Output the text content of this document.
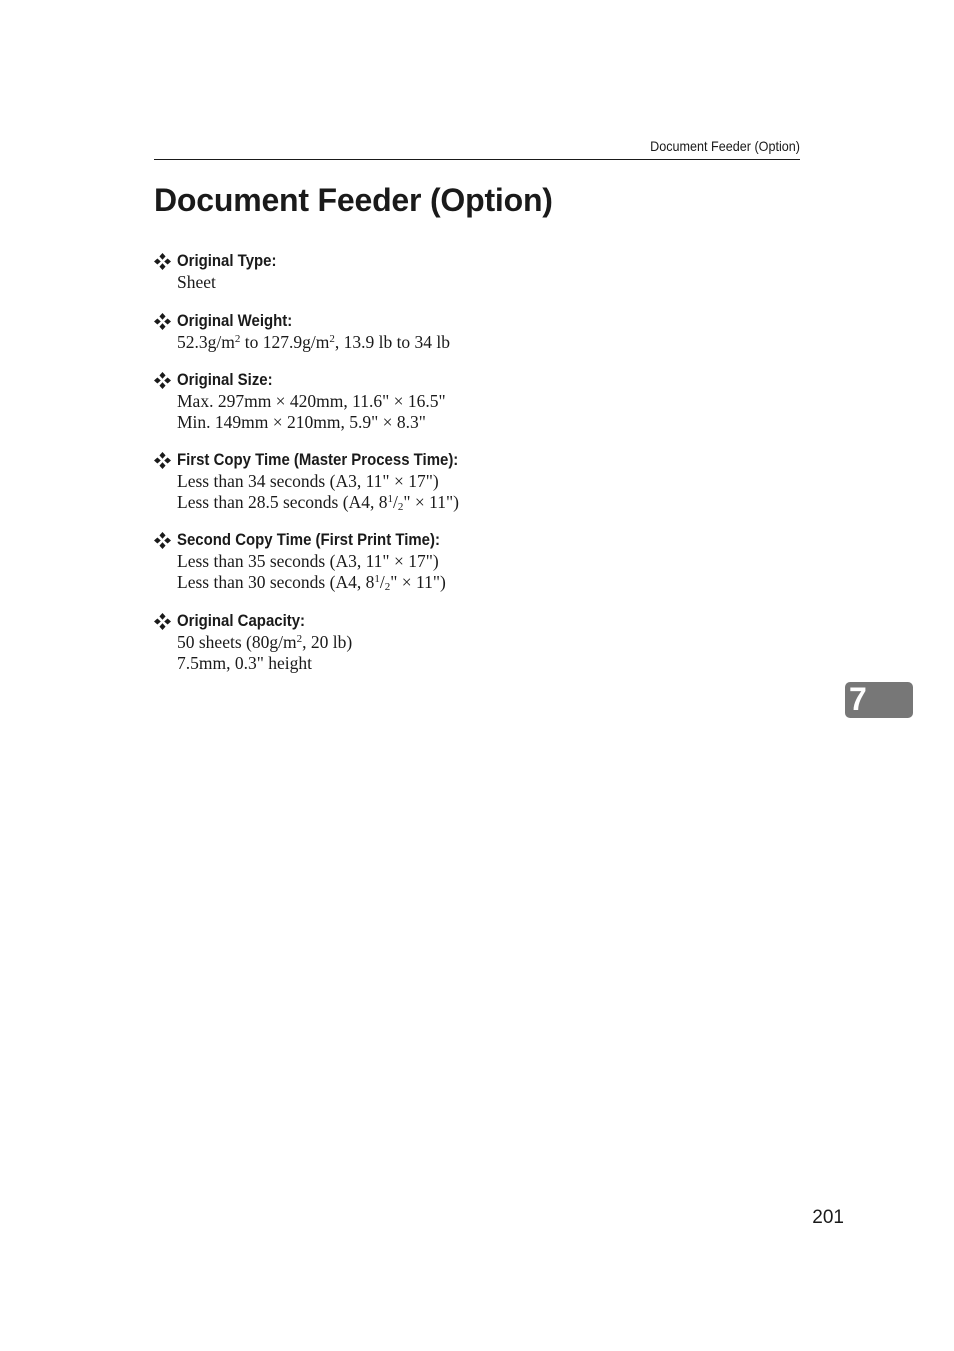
Document Feeder (Option)
Document Feeder (Option)
Original Type:
Sheet
Original Weight:
$52.3g/m^2$ to $127.9g/m^2$, 13.9 lb to 34 lb
Original Size:
Max. 297mm × 420mm, 11.6" × 16.5"
Min. 149mm × 210mm, 5.9" × 8.3"
First Copy Time (Master Process Time):
Less than 34 seconds (A3, 11" × 17")
Less than 28.5 seconds (A4, $8^1/2$" × 11")
Second Copy Time (First Print Time):
Less than 35 seconds (A3, 11" × 17")
Less than 30 seconds (A4, $8^1/2$" × 11")
Original Capacity:
50 sheets ($80g/m^2$, 20 lb)
7.5mm, 0.3" height
7
201
